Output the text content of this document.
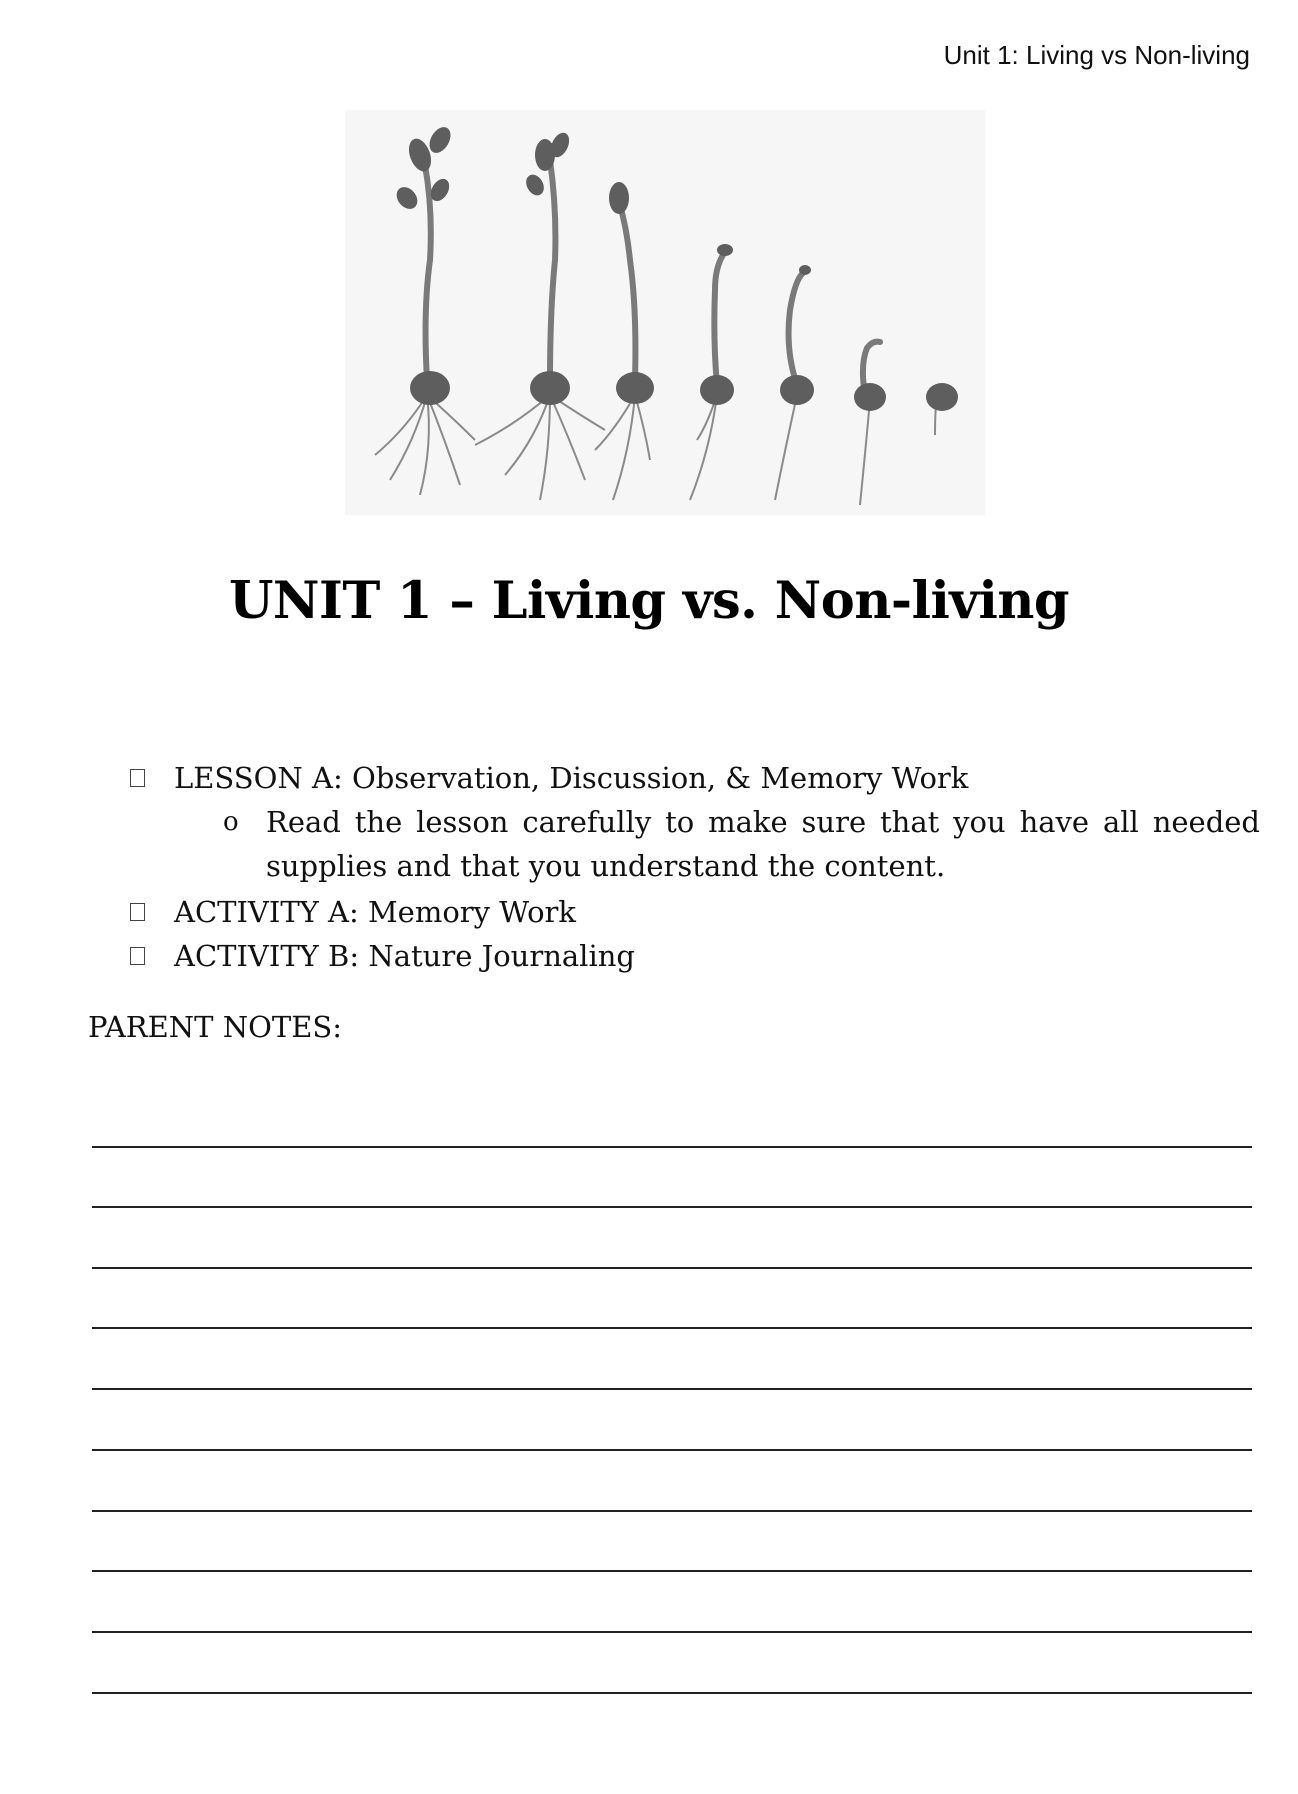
Unit 1: Living vs Non-living
UNIT 1 – Living vs. Non-living
LESSON A: Observation, Discussion, & Memory Work
o Read the lesson carefully to make sure that you have all needed supplies and that you understand the content.
ACTIVITY A: Memory Work
ACTIVITY B: Nature Journaling
PARENT NOTES:
